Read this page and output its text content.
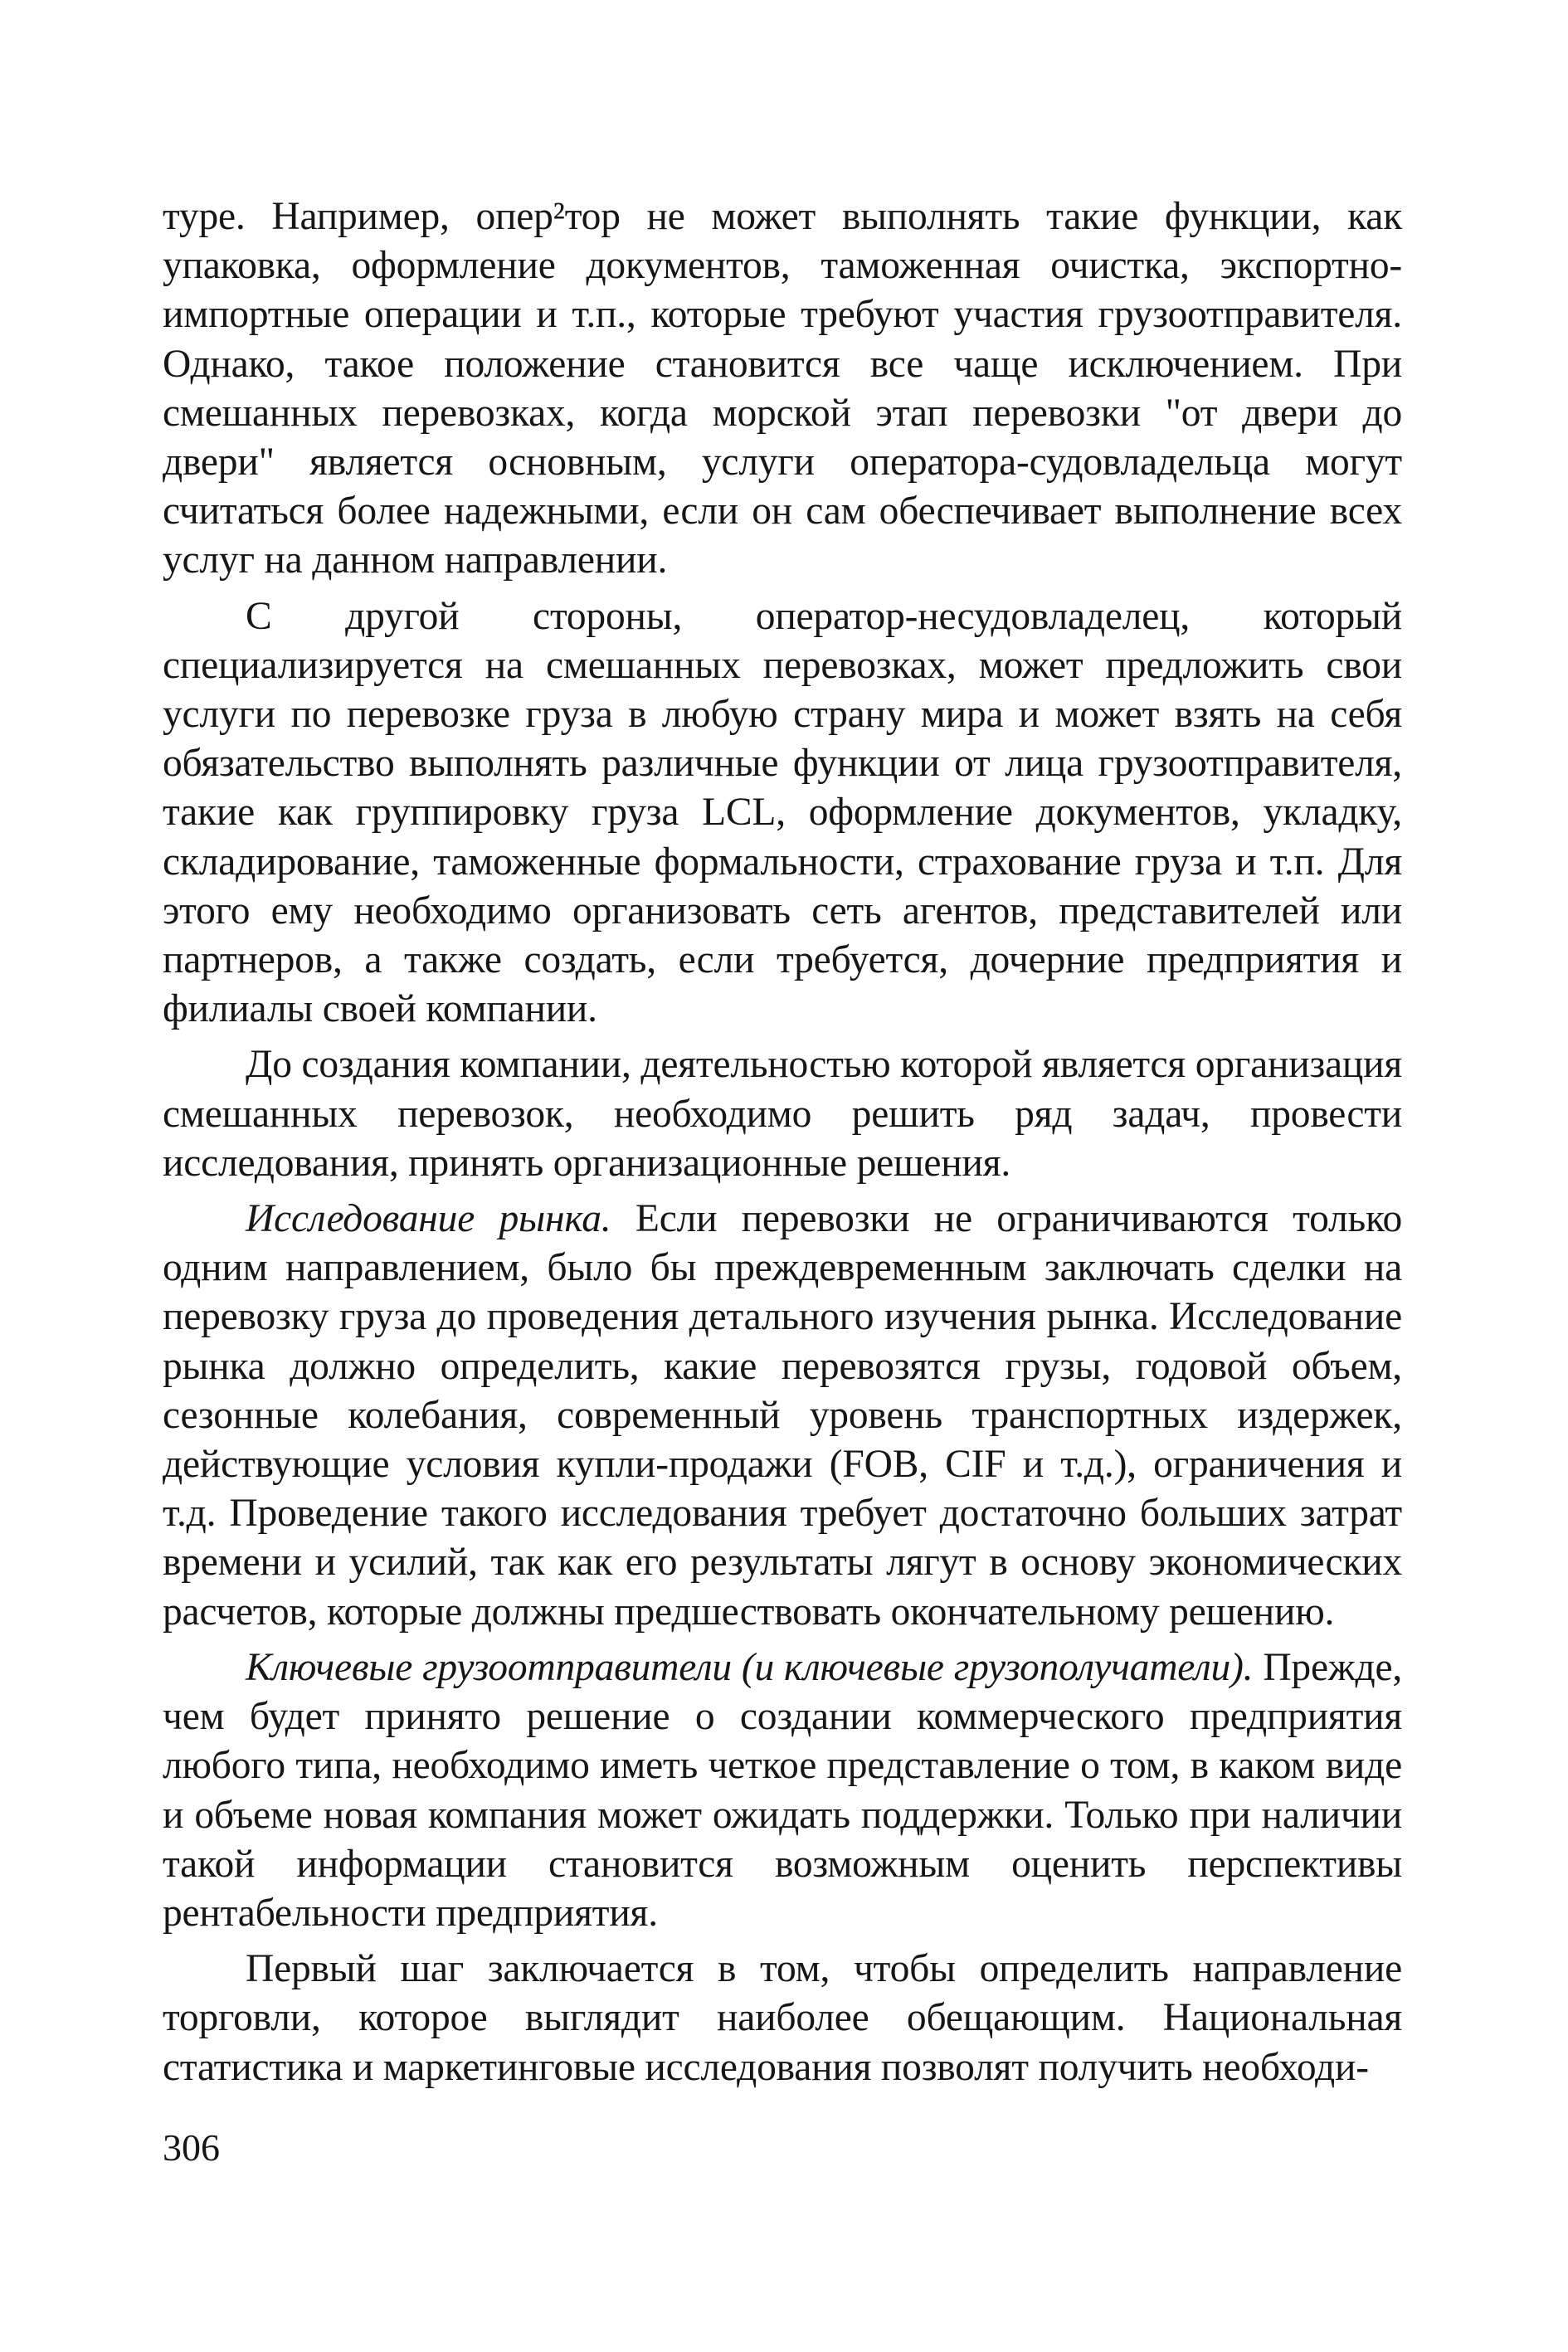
туре. Например, опер²тор не может выполнять такие функции, как упаковка, оформление документов, таможенная очистка, экспортно-импортные операции и т.п., которые требуют участия грузоотправителя. Однако, такое положение становится все чаще исключением. При смешанных перевозках, когда морской этап перевозки "от двери до двери" является основным, услуги оператора-судовладельца могут считаться более надежными, если он сам обеспечивает выполнение всех услуг на данном направлении.

С другой стороны, оператор-несудовладелец, который специализируется на смешанных перевозках, может предложить свои услуги по перевозке груза в любую страну мира и может взять на себя обязательство выполнять различные функции от лица грузоотправителя, такие как группировку груза LCL, оформление документов, укладку, складирование, таможенные формальности, страхование груза и т.п. Для этого ему необходимо организовать сеть агентов, представителей или партнеров, а также создать, если требуется, дочерние предприятия и филиалы своей компании.

До создания компании, деятельностью которой является организация смешанных перевозок, необходимо решить ряд задач, провести исследования, принять организационные решения.

Исследование рынка. Если перевозки не ограничиваются только одним направлением, было бы преждевременным заключать сделки на перевозку груза до проведения детального изучения рынка. Исследование рынка должно определить, какие перевозятся грузы, годовой объем, сезонные колебания, современный уровень транспортных издержек, действующие условия купли-продажи (FOB, CIF и т.д.), ограничения и т.д. Проведение такого исследования требует достаточно больших затрат времени и усилий, так как его результаты лягут в основу экономических расчетов, которые должны предшествовать окончательному решению.

Ключевые грузоотправители (и ключевые грузополучатели). Прежде, чем будет принято решение о создании коммерческого предприятия любого типа, необходимо иметь четкое представление о том, в каком виде и объеме новая компания может ожидать поддержки. Только при наличии такой информации становится возможным оценить перспективы рентабельности предприятия.

Первый шаг заключается в том, чтобы определить направление торговли, которое выглядит наиболее обещающим. Национальная статистика и маркетинговые исследования позволят получить необходи-

306
